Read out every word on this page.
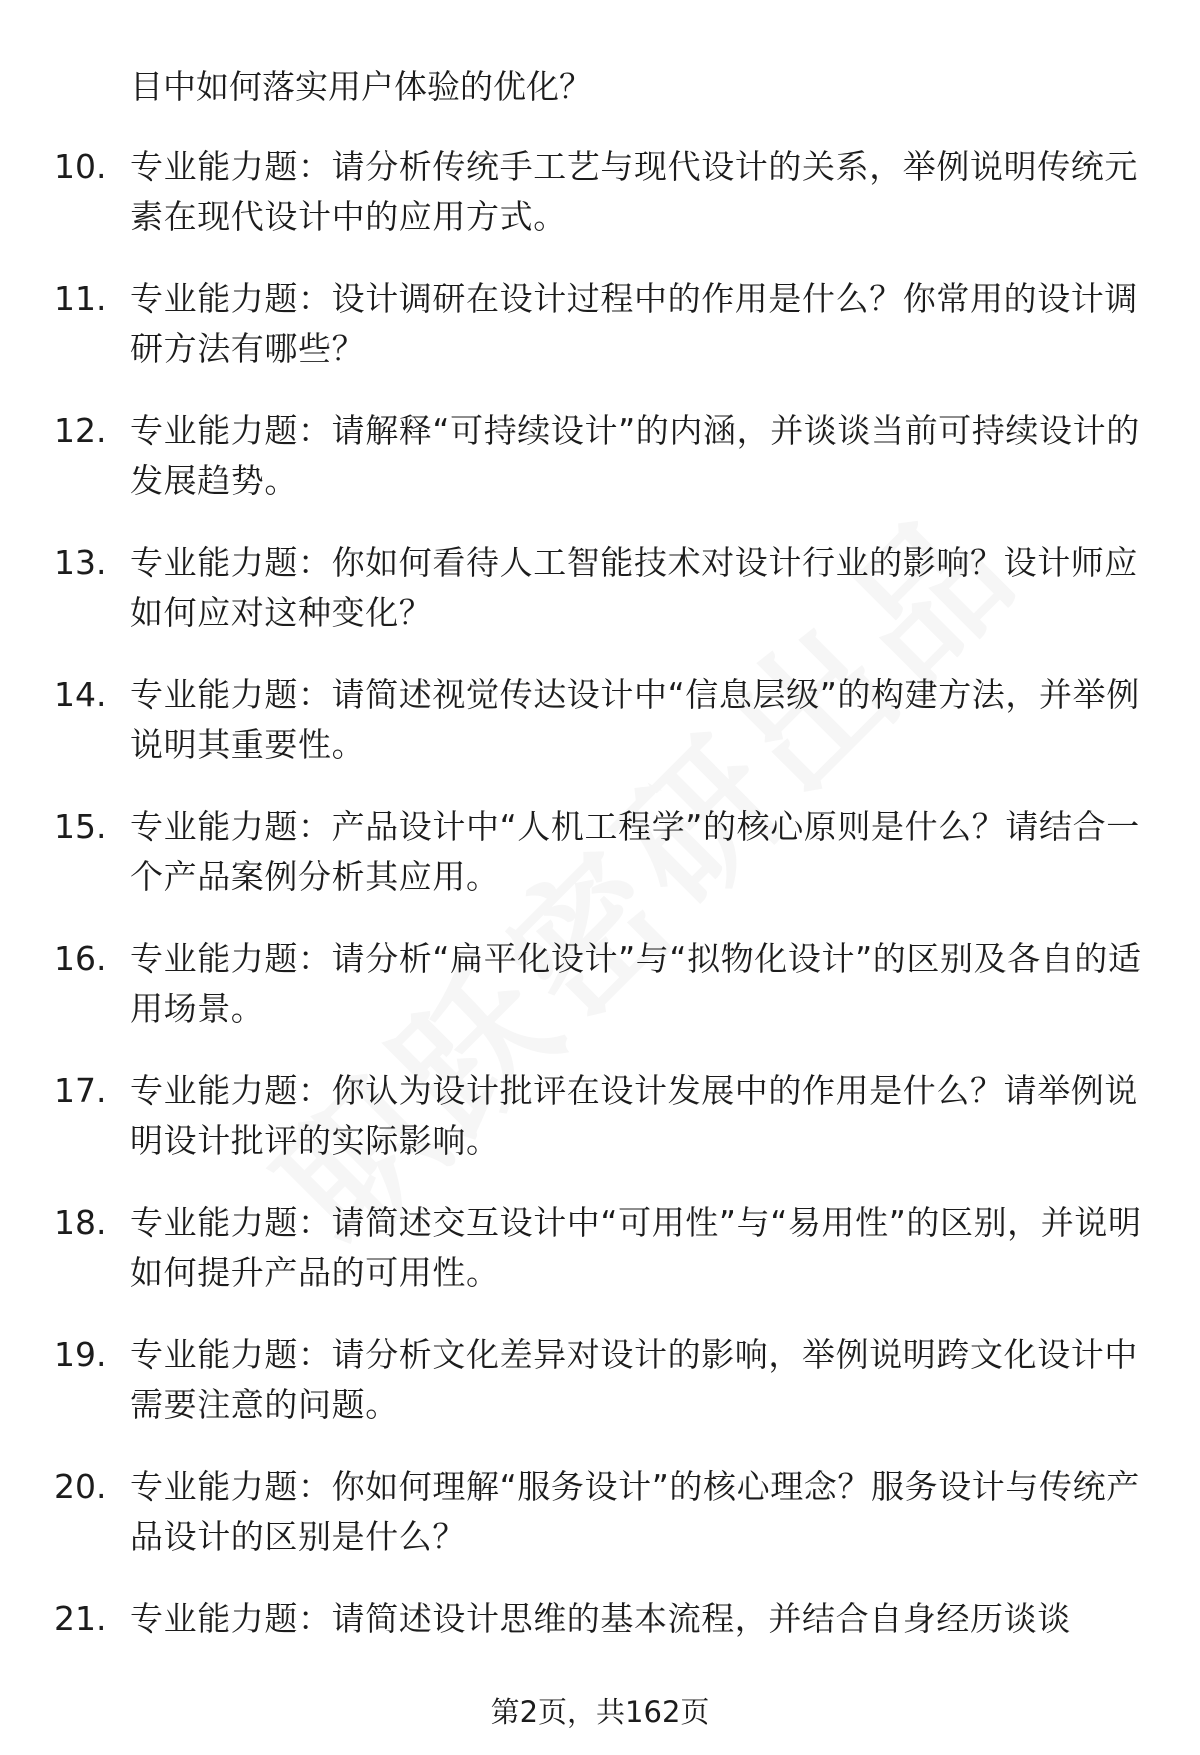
目中如何落实用户体验的优化？
10. 专业能力题：请分析传统手工艺与现代设计的关系，举例说明传统元素在现代设计中的应用方式。
11. 专业能力题：设计调研在设计过程中的作用是什么？你常用的设计调研方法有哪些？
12. 专业能力题：请解释“可持续设计”的内涵，并谈谈当前可持续设计的发展趋势。
13. 专业能力题：你如何看待人工智能技术对设计行业的影响？设计师应如何应对这种变化？
14. 专业能力题：请简述视觉传达设计中“信息层级”的构建方法，并举例说明其重要性。
15. 专业能力题：产品设计中“人机工程学”的核心原则是什么？请结合一个产品案例分析其应用。
16. 专业能力题：请分析“扁平化设计”与“拟物化设计”的区别及各自的适用场景。
17. 专业能力题：你认为设计批评在设计发展中的作用是什么？请举例说明设计批评的实际影响。
18. 专业能力题：请简述交互设计中“可用性”与“易用性”的区别，并说明如何提升产品的可用性。
19. 专业能力题：请分析文化差异对设计的影响，举例说明跨文化设计中需要注意的问题。
20. 专业能力题：你如何理解“服务设计”的核心理念？服务设计与传统产品设计的区别是什么？
21. 专业能力题：请简述设计思维的基本流程，并结合自身经历谈谈
第2页，共162页
